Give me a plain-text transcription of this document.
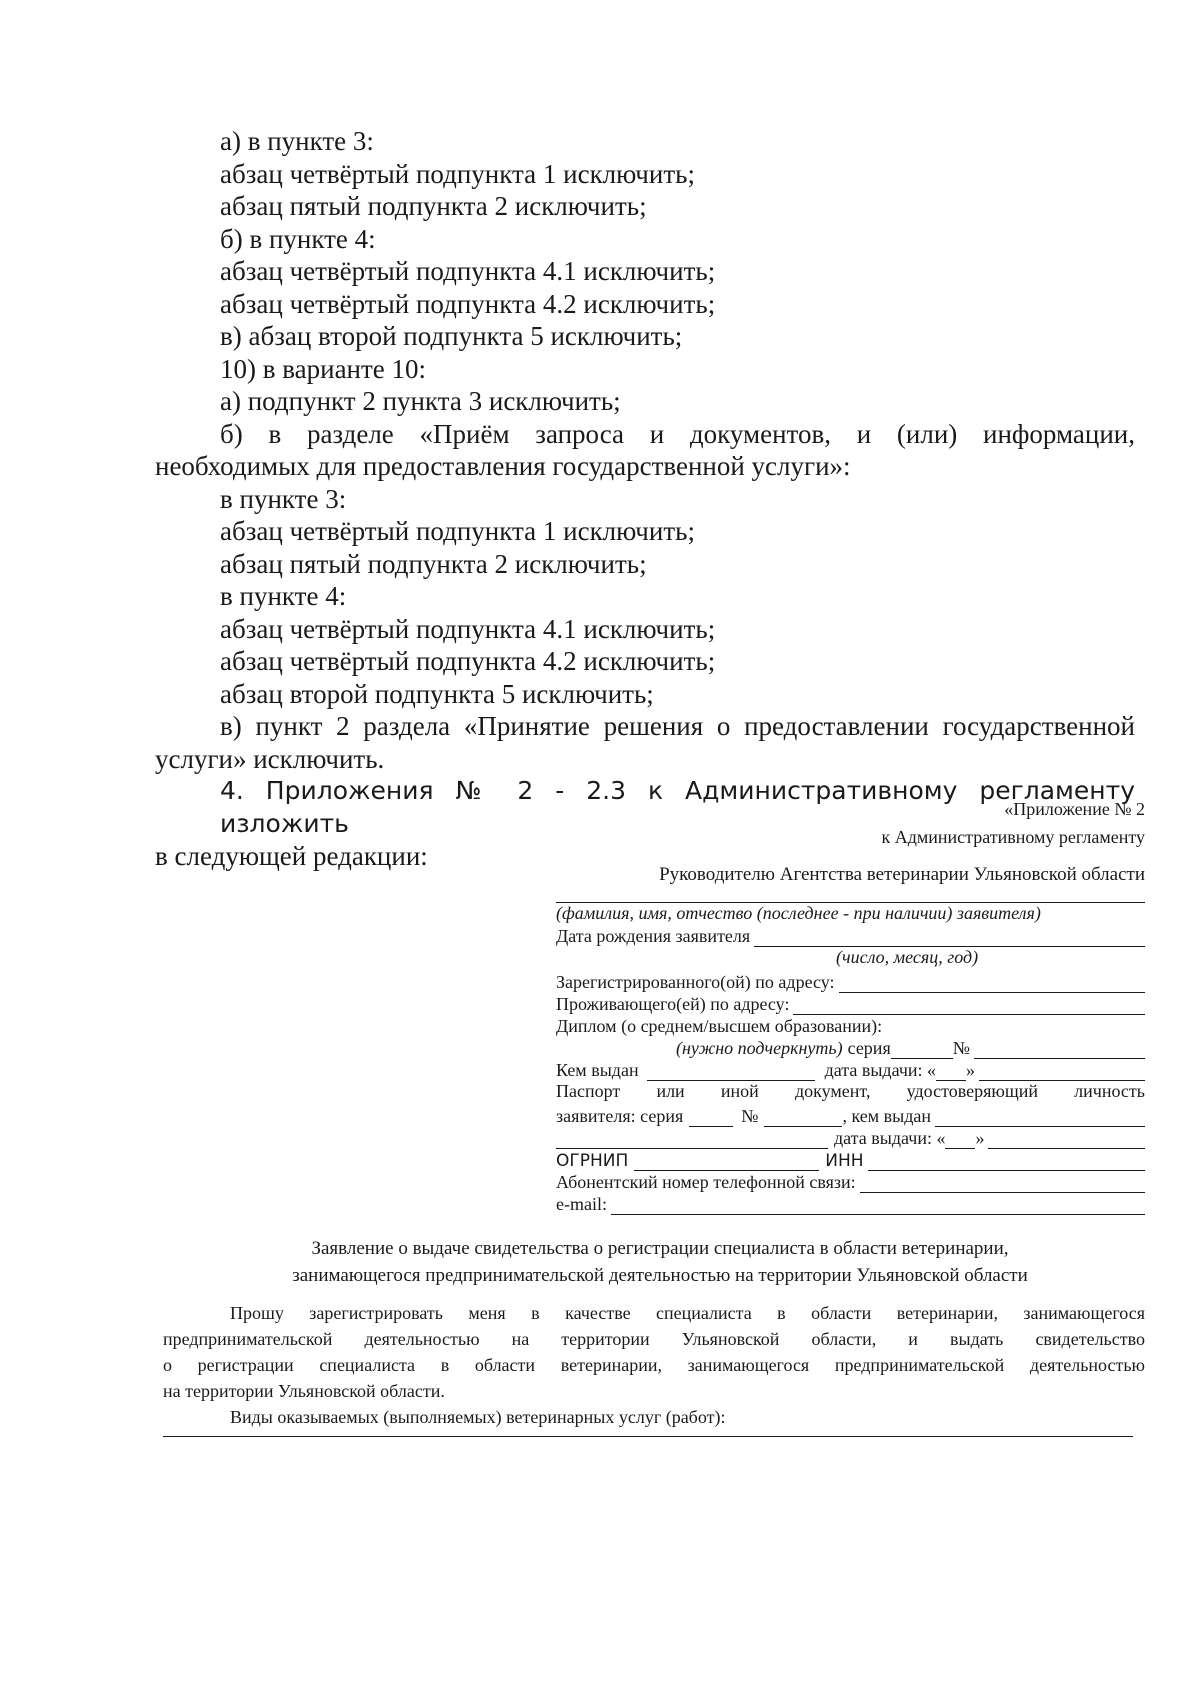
а) в пункте 3:

абзац четвёртый подпункта 1 исключить;

абзац пятый подпункта 2 исключить;

б) в пункте 4:

абзац четвёртый подпункта 4.1 исключить;

абзац четвёртый подпункта 4.2 исключить;

в) абзац второй подпункта 5 исключить;

10) в варианте 10:

а) подпункт 2 пункта 3 исключить;

б) в разделе «Приём запроса и документов, и (или) информации,

необходимых для предоставления государственной услуги»:

в пункте 3:

абзац четвёртый подпункта 1 исключить;

абзац пятый подпункта 2 исключить;

в пункте 4:

абзац четвёртый подпункта 4.1 исключить;

абзац четвёртый подпункта 4.2 исключить;

абзац второй подпункта 5 исключить;

в) пункт 2 раздела «Принятие решения о предоставлении государственной

услуги» исключить.

4. Приложения № 2 - 2.3 к Административному регламенту изложить

в следующей редакции:

«Приложение № 2
к Административному регламенту
Руководителю Агентства ветеринарии Ульяновской области
(фамилия, имя, отчество (последнее - при наличии) заявителя)
Дата рождения заявителя
(число, месяц, год)
Зарегистрированного(ой) по адресу:
Проживающего(ей) по адресу:
Диплом (о среднем/высшем образовании):
(нужно подчеркнуть) серия	№
Кем выдан	дата выдачи: « »
Паспорт или иной документ, удостоверяющий личность
заявителя: серия	№	, кем выдан
дата выдачи: « »
ОГРНИП	ИНН
Абонентский номер телефонной связи:
e-mail:
Заявление о выдаче свидетельства о регистрации специалиста в области ветеринарии,
занимающегося предпринимательской деятельностью на территории Ульяновской области

Прошу зарегистрировать меня в качестве специалиста в области ветеринарии, занимающегося

предпринимательской деятельностью на территории Ульяновской области, и выдать свидетельство

о регистрации специалиста в области ветеринарии, занимающегося предпринимательской деятельностью

на территории Ульяновской области.

Виды оказываемых (выполняемых) ветеринарных услуг (работ):
